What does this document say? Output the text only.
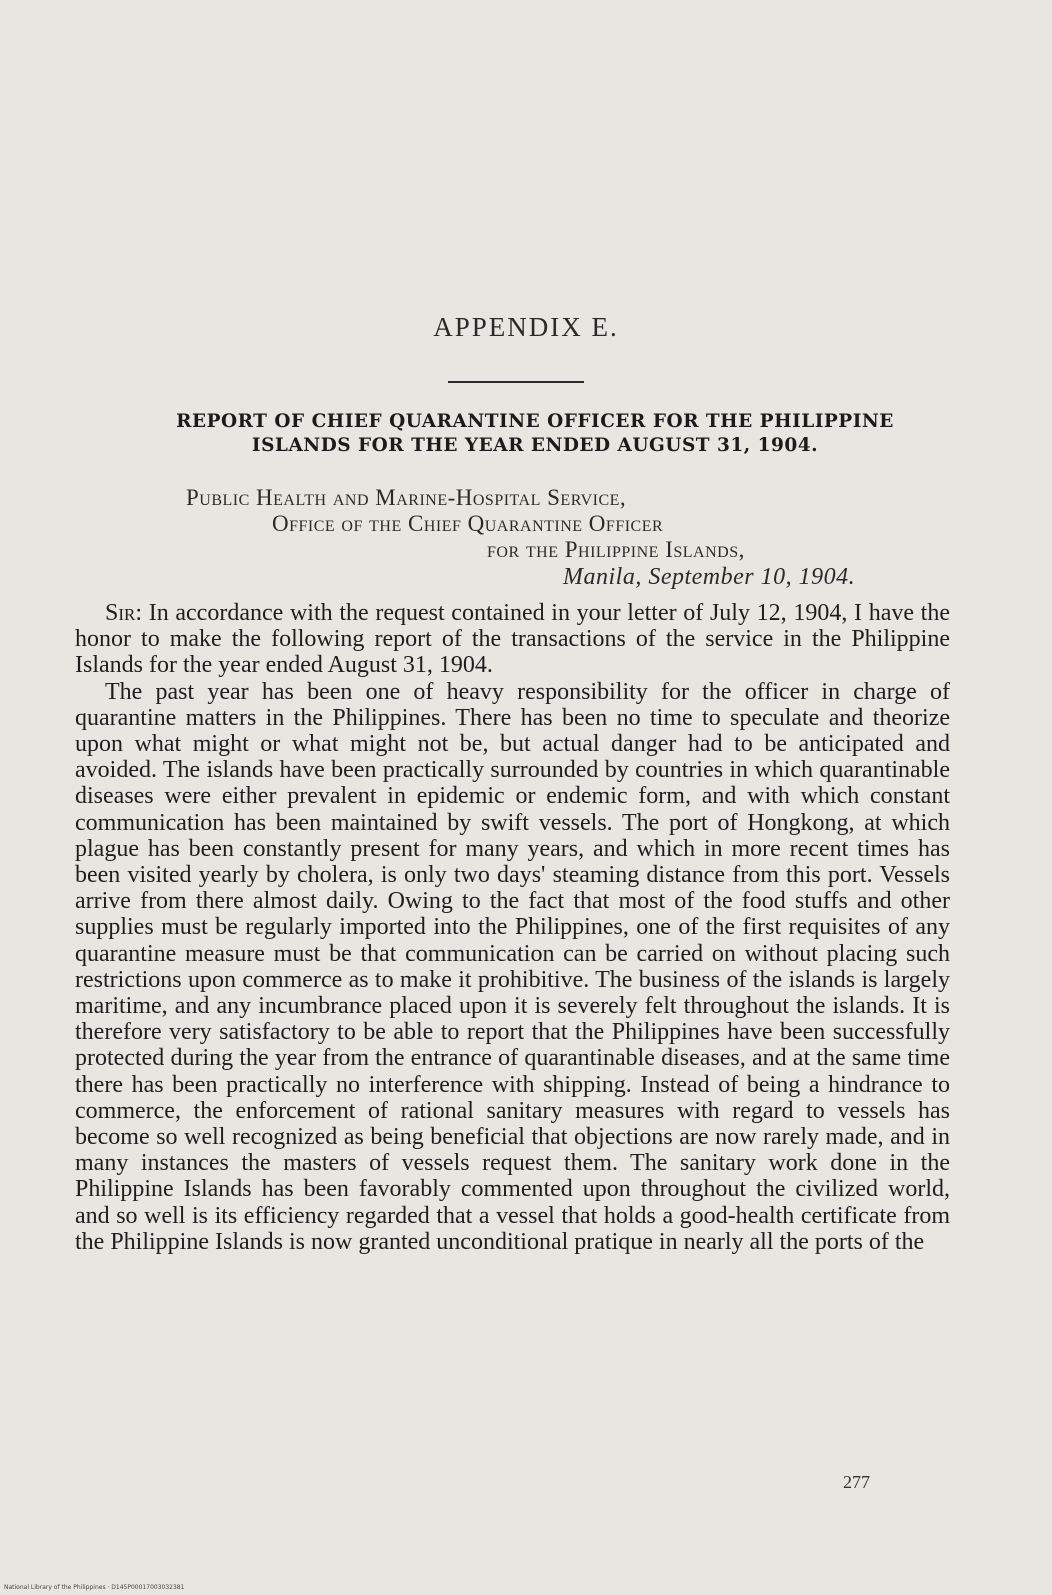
APPENDIX E.
REPORT OF CHIEF QUARANTINE OFFICER FOR THE PHILIPPINE
ISLANDS FOR THE YEAR ENDED AUGUST 31, 1904.
Public Health and Marine-Hospital Service,
Office of the Chief Quarantine Officer
for the Philippine Islands,
Manila, September 10, 1904.

Sir: In accordance with the request contained in your letter of July 12, 1904, I have the honor to make the following report of the transactions of the service in the Philippine Islands for the year ended August 31, 1904.

The past year has been one of heavy responsibility for the officer in charge of quarantine matters in the Philippines. There has been no time to speculate and theorize upon what might or what might not be, but actual danger had to be anticipated and avoided. The islands have been practically surrounded by countries in which quarantinable diseases were either prevalent in epidemic or endemic form, and with which constant communication has been maintained by swift vessels. The port of Hongkong, at which plague has been constantly present for many years, and which in more recent times has been visited yearly by cholera, is only two days' steaming distance from this port. Vessels arrive from there almost daily. Owing to the fact that most of the food stuffs and other supplies must be regularly imported into the Philippines, one of the first requisites of any quarantine measure must be that communication can be carried on without placing such restrictions upon commerce as to make it prohibitive. The business of the islands is largely maritime, and any incumbrance placed upon it is severely felt throughout the islands. It is therefore very satisfactory to be able to report that the Philippines have been successfully protected during the year from the entrance of quarantinable diseases, and at the same time there has been practically no interference with shipping. Instead of being a hindrance to commerce, the enforcement of rational sanitary measures with regard to vessels has become so well recognized as being beneficial that objections are now rarely made, and in many instances the masters of vessels request them. The sanitary work done in the Philippine Islands has been favorably commented upon throughout the civilized world, and so well is its efficiency regarded that a vessel that holds a good-health certificate from the Philippine Islands is now granted unconditional pratique in nearly all the ports of the

277
National Library of the Philippines · D145P00017003032381
